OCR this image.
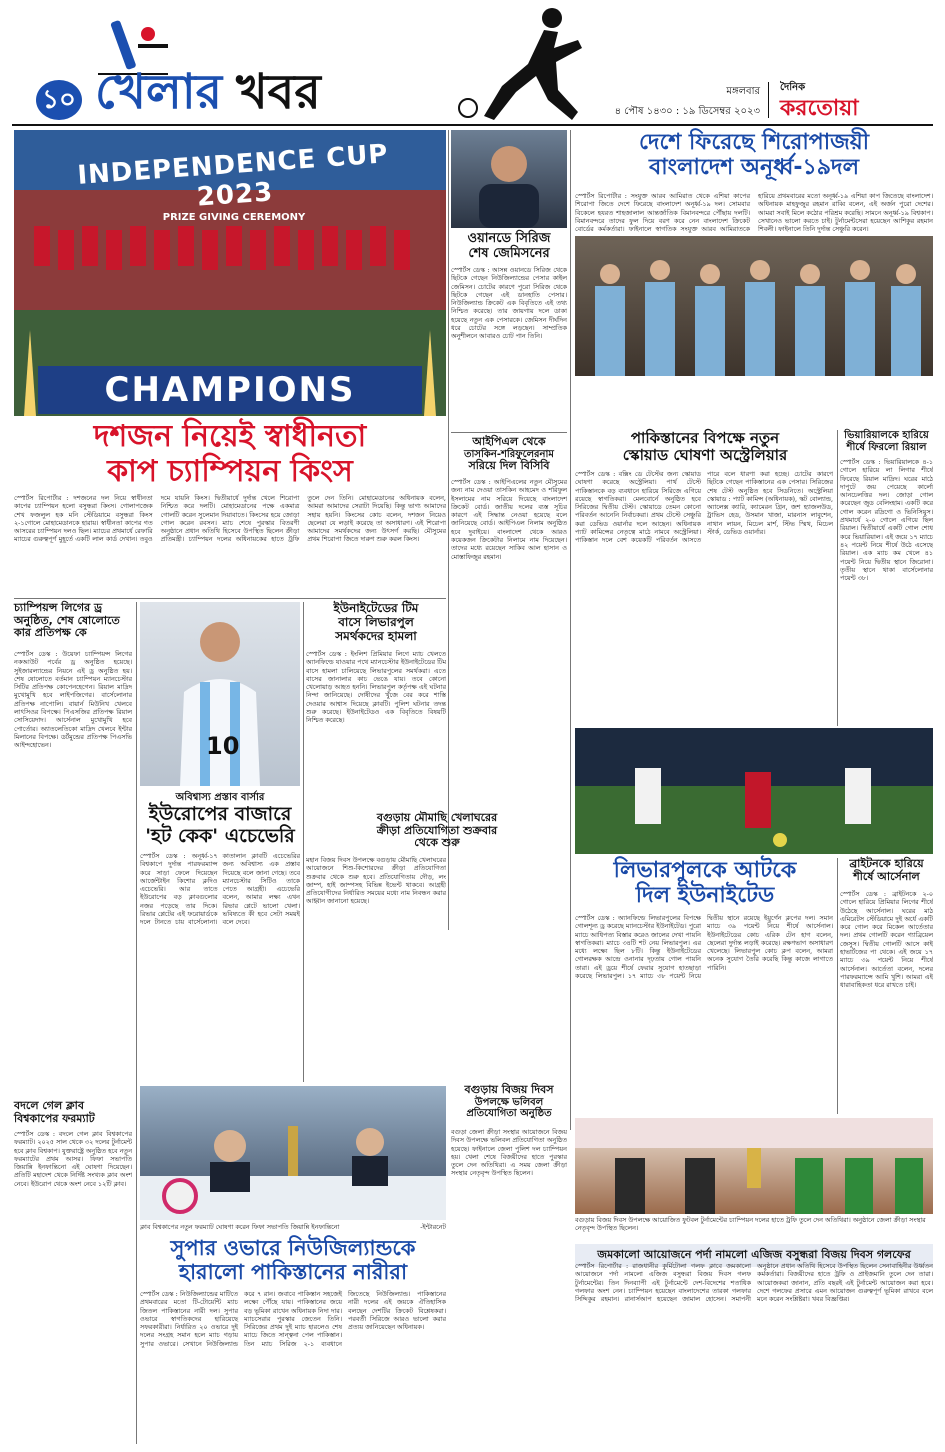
১০ খেলার খবর	মঙ্গলবার
৪ পৌষ ১৪৩০ : ১৯ ডিসেম্বর ২০২৩
দৈনিক
করতোয়া
INDEPENDENCE CUP 2023
PRIZE GIVING CEREMONY
CHAMPIONS
দশজন নিয়েই স্বাধীনতা
কাপ চ্যাম্পিয়ন কিংস
স্পোর্টস রিপোর্টার : দশজনের দল নিয়ে স্বাধীনতা কাপের চ্যাম্পিয়ন হলো বসুন্ধরা কিংস। গোলাপজেক শেখ ফজলুল হক মনি স্টেডিয়ামে বসুন্ধরা কিংস ২-১গোলে মোহামেডানকে হারায়। স্বাধীনতা কাপের গত আসরের চ্যাম্পিয়ন দলও ছিল। ম্যাচের প্রথমার্ধে রেফারি ম্যাচের গুরুত্বপূর্ণ মুহূর্তে একটি লাল কার্ড দেখান। তবুও দমে যায়নি কিংস। দ্বিতীয়ার্ধে দুর্দান্ত খেলে শিরোপা নিশ্চিত করে দলটি। মোহামেডানের পক্ষে একমাত্র গোলটি করেন সুলেমান দিয়াবাতে। কিংসের হয়ে জোড়া গোল করেন রবসন। ম্যাচ শেষে পুরস্কার বিতরণী অনুষ্ঠানে প্রধান অতিথি হিসেবে উপস্থিত ছিলেন ক্রীড়া প্রতিমন্ত্রী। চ্যাম্পিয়ন দলের অধিনায়কের হাতে ট্রফি তুলে দেন তিনি। মোহামেডানের অধিনায়ক বলেন, আমরা আমাদের সেরাটা দিয়েছি। কিন্তু ভাগ্য আমাদের সহায় হয়নি। কিংসের কোচ বলেন, দশজন নিয়েও ছেলেরা যে লড়াই করেছে তা অসাধারণ। এই শিরোপা আমাদের সমর্থকদের জন্য উৎসর্গ করছি। মৌসুমের প্রথম শিরোপা জিতে দারুণ শুরু করল কিংস।
ওয়ানডে সিরিজ
শেষ জেমিসনের
স্পোর্টস ডেস্ক : আসন্ন ওয়ানডে সিরিজ থেকে ছিটকে গেছেন নিউজিল্যান্ডের পেসার কাইল জেমিসন। চোটের কারণে পুরো সিরিজ থেকে ছিটকে গেছেন এই ডানহাতি পেসার। নিউজিল্যান্ড ক্রিকেট এক বিবৃতিতে এই তথ্য নিশ্চিত করেছে। তার জায়গায় দলে ডাকা হয়েছে নতুন এক পেসারকে। জেমিসন দীর্ঘদিন ধরে চোটের সঙ্গে লড়ছেন। সাম্প্রতিক অনুশীলনে আবারও চোট পান তিনি।
আইপিএল থেকে
তাসকিন-শরিফুলেরনাম
সরিয়ে দিল বিসিবি
স্পোর্টস ডেস্ক : আইপিএলের নতুন মৌসুমের জন্য নাম দেওয়া তাসকিন আহমেদ ও শরিফুল ইসলামের নাম সরিয়ে দিয়েছে বাংলাদেশ ক্রিকেট বোর্ড। জাতীয় দলের ব্যস্ত সূচির কারণে এই সিদ্ধান্ত নেওয়া হয়েছে বলে জানিয়েছে বোর্ড। আইপিএল নিলাম অনুষ্ঠিত হবে দুবাইয়ে। বাংলাদেশ থেকে আরও কয়েকজন ক্রিকেটার নিলামে নাম দিয়েছেন। তাদের মধ্যে রয়েছেন সাকিব আল হাসান ও মোস্তাফিজুর রহমান।
চ্যাম্পিয়ন্স লিগের ড্র
অনুষ্ঠিত, শেষ ষোলোতে
কার প্রতিপক্ষ কে
স্পোর্টস ডেস্ক : উয়েফা চ্যাম্পিয়ন্স লিগের নকআউট পর্বের ড্র অনুষ্ঠিত হয়েছে। সুইজারল্যান্ডের নিয়নে এই ড্র অনুষ্ঠিত হয়। শেষ ষোলোতে বর্তমান চ্যাম্পিয়ন ম্যানচেস্টার সিটির প্রতিপক্ষ কোপেনহেগেন। রিয়াল মাদ্রিদ মুখোমুখি হবে লাইপজিগের। বার্সেলোনার প্রতিপক্ষ নাপোলি। বায়ার্ন মিউনিখ খেলবে লাৎসিওর বিপক্ষে। পিএসজির প্রতিপক্ষ রিয়াল সোসিয়েদাদ। আর্সেনাল মুখোমুখি হবে পোর্তোর। অ্যাতলেতিকো মাদ্রিদ খেলবে ইন্টার মিলানের বিপক্ষে। ডর্টমুন্ডের প্রতিপক্ষ পিএসভি আইন্দহোভেন।
বদলে গেল ক্লাব
বিশ্বকাপের ফরম্যাট
স্পোর্টস ডেস্ক : বদলে গেল ক্লাব বিশ্বকাপের ফরম্যাট। ২০২৫ সাল থেকে ৩২ দলের টুর্নামেন্ট হবে ক্লাব বিশ্বকাপ। যুক্তরাষ্ট্রে অনুষ্ঠিত হবে নতুন ফরম্যাটের প্রথম আসর। ফিফা সভাপতি জিয়ান্নি ইনফান্তিনো এই ঘোষণা দিয়েছেন। প্রতিটি মহাদেশ থেকে নির্দিষ্ট সংখ্যক ক্লাব অংশ নেবে। ইউরোপ থেকে অংশ নেবে ১২টি ক্লাব।
10
অবিশ্বাস্য প্রস্তাব বার্সার
ইউরোপের বাজারে
'হট কেক' এচেভেরি
স্পোর্টস ডেস্ক : অনূর্ধ্ব-১৭ বিশ্বকাপে দুর্দান্ত পারফরম্যান্স করে সাড়া ফেলে দিয়েছেন আর্জেন্টাইন কিশোর ক্লদিও এচেভেরি। আর তাতে ইউরোপের বড় ক্লাবগুলোর নজর পড়েছে তার দিকে। রিভার প্লেটের এই ফরোয়ার্ডকে দলে টানতে চায় বার্সেলোনা। কাতালান ক্লাবটি এচেভেরির জন্য অবিশ্বাস্য এক প্রস্তাব দিয়েছে বলে জানা গেছে। তবে ম্যানচেস্টার সিটিও তাকে পেতে আগ্রহী। এচেভেরি বলেন, আমার লক্ষ্য এখন রিভার প্লেটে ভালো খেলা। ভবিষ্যতে কী হবে সেটা সময়ই বলে দেবে।
ইউনাইটেডের টিম
বাসে লিভারপুল
সমর্থকদের হামলা
স্পোর্টস ডেস্ক : ইংলিশ প্রিমিয়ার লিগে ম্যাচ খেলতে অ্যানফিল্ডে যাওয়ার পথে ম্যানচেস্টার ইউনাইটেডের টিম বাসে হামলা চালিয়েছে লিভারপুলের সমর্থকরা। এতে বাসের জানালার কাচ ভেঙে যায়। তবে কোনো খেলোয়াড় আহত হননি। লিভারপুল কর্তৃপক্ষ এই ঘটনার নিন্দা জানিয়েছে। দোষীদের খুঁজে বের করে শাস্তি দেওয়ার আশ্বাস দিয়েছে ক্লাবটি। পুলিশ ঘটনার তদন্ত শুরু করেছে। ইউনাইটেডও এক বিবৃতিতে বিষয়টি নিশ্চিত করেছে।
বগুড়ায় মৌমাছি খেলাঘরের
ক্রীড়া প্রতিযোগিতা শুক্রবার
থেকে শুরু
মহান বিজয় দিবস উপলক্ষে বগুড়ায় মৌমাছি খেলাঘরের আয়োজনে শিশু-কিশোরদের ক্রীড়া প্রতিযোগিতা শুক্রবার থেকে শুরু হবে। প্রতিযোগিতায় দৌড়, লং জাম্প, হাই জাম্পসহ বিভিন্ন ইভেন্ট থাকবে। আগ্রহী প্রতিযোগীদের নির্ধারিত সময়ের মধ্যে নাম নিবন্ধন করার আহ্বান জানানো হয়েছে।
বগুড়ায় বিজয় দিবস
উপলক্ষে ভলিবল
প্রতিযোগিতা অনুষ্ঠিত
বগুড়া জেলা ক্রীড়া সংস্থার আয়োজনে বিজয় দিবস উপলক্ষে ভলিবল প্রতিযোগিতা অনুষ্ঠিত হয়েছে। ফাইনালে জেলা পুলিশ দল চ্যাম্পিয়ন হয়। খেলা শেষে বিজয়ীদের হাতে পুরস্কার তুলে দেন অতিথিরা। এ সময় জেলা ক্রীড়া সংস্থার নেতৃবৃন্দ উপস্থিত ছিলেন।
ক্লাব বিশ্বকাপের নতুন ফরম্যাট ঘোষণা করেন ফিফা সভাপতি জিয়ান্নি ইনফান্তিনো	-ইন্টারনেট
সুপার ওভারে নিউজিল্যান্ডকে
হারালো পাকিস্তানের নারীরা
স্পোর্টস ডেস্ক : নিউজিল্যান্ডের মাটিতে প্রথমবারের মতো টি-টোয়েন্টি ম্যাচ জিতল পাকিস্তানের নারী দল। সুপার ওভারে স্বাগতিকদের হারিয়েছে সফরকারীরা। নির্ধারিত ২০ ওভারে দুই দলের সংগ্রহ সমান হলে ম্যাচ গড়ায় সুপার ওভারে। সেখানে নিউজিল্যান্ড করে ৭ রান। জবাবে পাকিস্তান সহজেই লক্ষ্যে পৌঁছে যায়। পাকিস্তানের জয়ে বড় ভূমিকা রাখেন অধিনায়ক নিদা দার। ম্যাচসেরার পুরস্কার জেতেন তিনি। সিরিজের প্রথম দুই ম্যাচ হারলেও শেষ ম্যাচে জিতে সান্ত্বনা পেল পাকিস্তান। তিন ম্যাচ সিরিজ ২-১ ব্যবধানে জিতেছে নিউজিল্যান্ড। পাকিস্তানের নারী দলের এই জয়কে ঐতিহাসিক বলছেন দেশটির ক্রিকেট বিশ্লেষকরা। পরবর্তী সিরিজে আরও ভালো করার প্রত্যয় জানিয়েছেন অধিনায়ক।
দেশে ফিরেছে শিরোপাজয়ী
বাংলাদেশ অনূর্ধ্ব-১৯দল
স্পোর্টস রিপোর্টার : সংযুক্ত আরব আমিরাত থেকে এশিয়া কাপের শিরোপা জিতে দেশে ফিরেছে বাংলাদেশ অনূর্ধ্ব-১৯ দল। সোমবার বিকেলে হযরত শাহজালাল আন্তর্জাতিক বিমানবন্দরে পৌঁছায় দলটি। বিমানবন্দরে তাদের ফুল দিয়ে বরণ করে নেন বাংলাদেশ ক্রিকেট বোর্ডের কর্মকর্তারা। ফাইনালে স্বাগতিক সংযুক্ত আরব আমিরাতকে হারিয়ে প্রথমবারের মতো অনূর্ধ্ব-১৯ এশিয়া কাপ জিতেছে বাংলাদেশ। অধিনায়ক মাহফুজুর রহমান রাব্বি বলেন, এই অর্জন পুরো দেশের। আমরা সবাই মিলে কঠোর পরিশ্রম করেছি। সামনে অনূর্ধ্ব-১৯ বিশ্বকাপ। সেখানেও ভালো করতে চাই। টুর্নামেন্টসেরা হয়েছেন আশিকুর রহমান শিবলী। ফাইনালে তিনি দুর্দান্ত সেঞ্চুরি করেন।
পাকিস্তানের বিপক্ষে নতুন
স্কোয়াড ঘোষণা অস্ট্রেলিয়ার
স্পোর্টস ডেস্ক : বক্সিং ডে টেস্টের জন্য স্কোয়াড ঘোষণা করেছে অস্ট্রেলিয়া। পার্থ টেস্টে পাকিস্তানকে বড় ব্যবধানে হারিয়ে সিরিজে এগিয়ে রয়েছে স্বাগতিকরা। মেলবোর্নে অনুষ্ঠিত হবে সিরিজের দ্বিতীয় টেস্ট। স্কোয়াডে তেমন কোনো পরিবর্তন আনেনি নির্বাচকরা। প্রথম টেস্টে সেঞ্চুরি করা ডেভিড ওয়ার্নার দলে আছেন। অধিনায়ক প্যাট কামিন্সের নেতৃত্বে মাঠে নামবে অস্ট্রেলিয়া। পাকিস্তান দলে বেশ কয়েকটি পরিবর্তন আসতে পারে বলে ধারণা করা হচ্ছে। চোটের কারণে ছিটকে গেছেন পাকিস্তানের এক পেসার। সিরিজের শেষ টেস্ট অনুষ্ঠিত হবে সিডনিতে। অস্ট্রেলিয়া স্কোয়াড : প্যাট কামিন্স (অধিনায়ক), স্কট বোল্যান্ড, অ্যালেক্স ক্যারি, ক্যামেরন গ্রিন, জশ হ্যাজলউড, ট্রাভিস হেড, উসমান খাজা, মারনাস লাবুশেন, নাথান লায়ন, মিচেল মার্শ, স্টিভ স্মিথ, মিচেল স্টার্ক, ডেভিড ওয়ার্নার।
ভিয়ারিয়ালকে হারিয়ে
শীর্ষে ফিরলো রিয়াল
স্পোর্টস ডেস্ক : ভিয়ারিয়ালকে ৪-১ গোলে হারিয়ে লা লিগার শীর্ষে ফিরেছে রিয়াল মাদ্রিদ। ঘরের মাঠে দাপুটে জয় পেয়েছে কার্লো আনচেলত্তির দল। জোড়া গোল করেছেন জুড বেলিংহাম। একটি করে গোল করেন রদ্রিগো ও ভিনিসিয়ুস। প্রথমার্ধে ২-০ গোলে এগিয়ে ছিল রিয়াল। দ্বিতীয়ার্ধে একটি গোল শোধ করে ভিয়ারিয়াল। এই জয়ে ১৭ ম্যাচে ৪২ পয়েন্ট নিয়ে শীর্ষে উঠে এসেছে রিয়াল। এক ম্যাচ কম খেলে ৪১ পয়েন্ট নিয়ে দ্বিতীয় স্থানে জিরোনা। তৃতীয় স্থানে থাকা বার্সেলোনার পয়েন্ট ৩৮।
লিভারপুলকে আটকে
দিল ইউনাইটেড
স্পোর্টস ডেস্ক : অ্যানফিল্ডে লিভারপুলের বিপক্ষে গোলশূন্য ড্র করেছে ম্যানচেস্টার ইউনাইটেড। পুরো ম্যাচে আধিপত্য বিস্তার করেও জালের দেখা পায়নি স্বাগতিকরা। ম্যাচে ৩৪টি শট নেয় লিভারপুল। এর মধ্যে লক্ষ্যে ছিল ৮টি। কিন্তু ইউনাইটেডের গোলরক্ষক আন্দ্রে ওনানার দৃঢ়তায় গোল পায়নি তারা। এই ড্রয়ে শীর্ষে ফেরার সুযোগ হাতছাড়া করেছে লিভারপুল। ১৭ ম্যাচে ৩৮ পয়েন্ট নিয়ে দ্বিতীয় স্থানে রয়েছে ইয়ুর্গেন ক্লপের দল। সমান ম্যাচে ৩৯ পয়েন্ট নিয়ে শীর্ষে আর্সেনাল। ইউনাইটেডের কোচ এরিক টেন হাগ বলেন, ছেলেরা দুর্দান্ত লড়াই করেছে। রক্ষণভাগ অসাধারণ খেলেছে। লিভারপুল কোচ ক্লপ বলেন, আমরা অনেক সুযোগ তৈরি করেছি কিন্তু কাজে লাগাতে পারিনি।
ব্রাইটনকে হারিয়ে
শীর্ষে আর্সেনাল
স্পোর্টস ডেস্ক : ব্রাইটনকে ২-০ গোলে হারিয়ে প্রিমিয়ার লিগের শীর্ষে উঠেছে আর্সেনাল। ঘরের মাঠ এমিরেটস স্টেডিয়ামে দুই অর্ধে একটি করে গোল করে মিকেল আর্তেতার দল। প্রথম গোলটি করেন গ্যাব্রিয়েল জেসুস। দ্বিতীয় গোলটি আসে কাই হাভার্টজের পা থেকে। এই জয়ে ১৭ ম্যাচে ৩৯ পয়েন্ট নিয়ে শীর্ষে আর্সেনাল। আর্তেতা বলেন, দলের পারফরম্যান্সে আমি খুশি। আমরা এই ধারাবাহিকতা ধরে রাখতে চাই।
বগুড়ায় বিজয় দিবস উপলক্ষে আয়োজিত ফুটবল টুর্নামেন্টের চ্যাম্পিয়ন দলের হাতে ট্রফি তুলে দেন অতিথিরা। অনুষ্ঠানে জেলা ক্রীড়া সংস্থার নেতৃবৃন্দ উপস্থিত ছিলেন।
জমকালো আয়োজনে পর্দা নামলো এজিজ বসুন্ধরা বিজয় দিবস গলফের
স্পোর্টস রিপোর্টার : রাজধানীর কুর্মিটোলা গলফ ক্লাবে জমকালো আয়োজনে পর্দা নামলো এজিজ বসুন্ধরা বিজয় দিবস গলফ টুর্নামেন্টের। তিন দিনব্যাপী এই টুর্নামেন্টে দেশ-বিদেশের শতাধিক গলফার অংশ নেন। চ্যাম্পিয়ন হয়েছেন বাংলাদেশের তারকা গলফার সিদ্দিকুর রহমান। রানার্সআপ হয়েছেন জামাল হোসেন। সমাপনী অনুষ্ঠানে প্রধান অতিথি হিসেবে উপস্থিত ছিলেন সেনাবাহিনীর উর্ধ্বতন কর্মকর্তারা। বিজয়ীদের হাতে ট্রফি ও প্রাইজমানি তুলে দেন তারা। আয়োজকরা জানান, প্রতি বছরই এই টুর্নামেন্ট আয়োজন করা হবে। দেশে গলফের প্রসারে এমন আয়োজন গুরুত্বপূর্ণ ভূমিকা রাখবে বলে মনে করেন সংশ্লিষ্টরা। খবর বিজ্ঞপ্তির।
